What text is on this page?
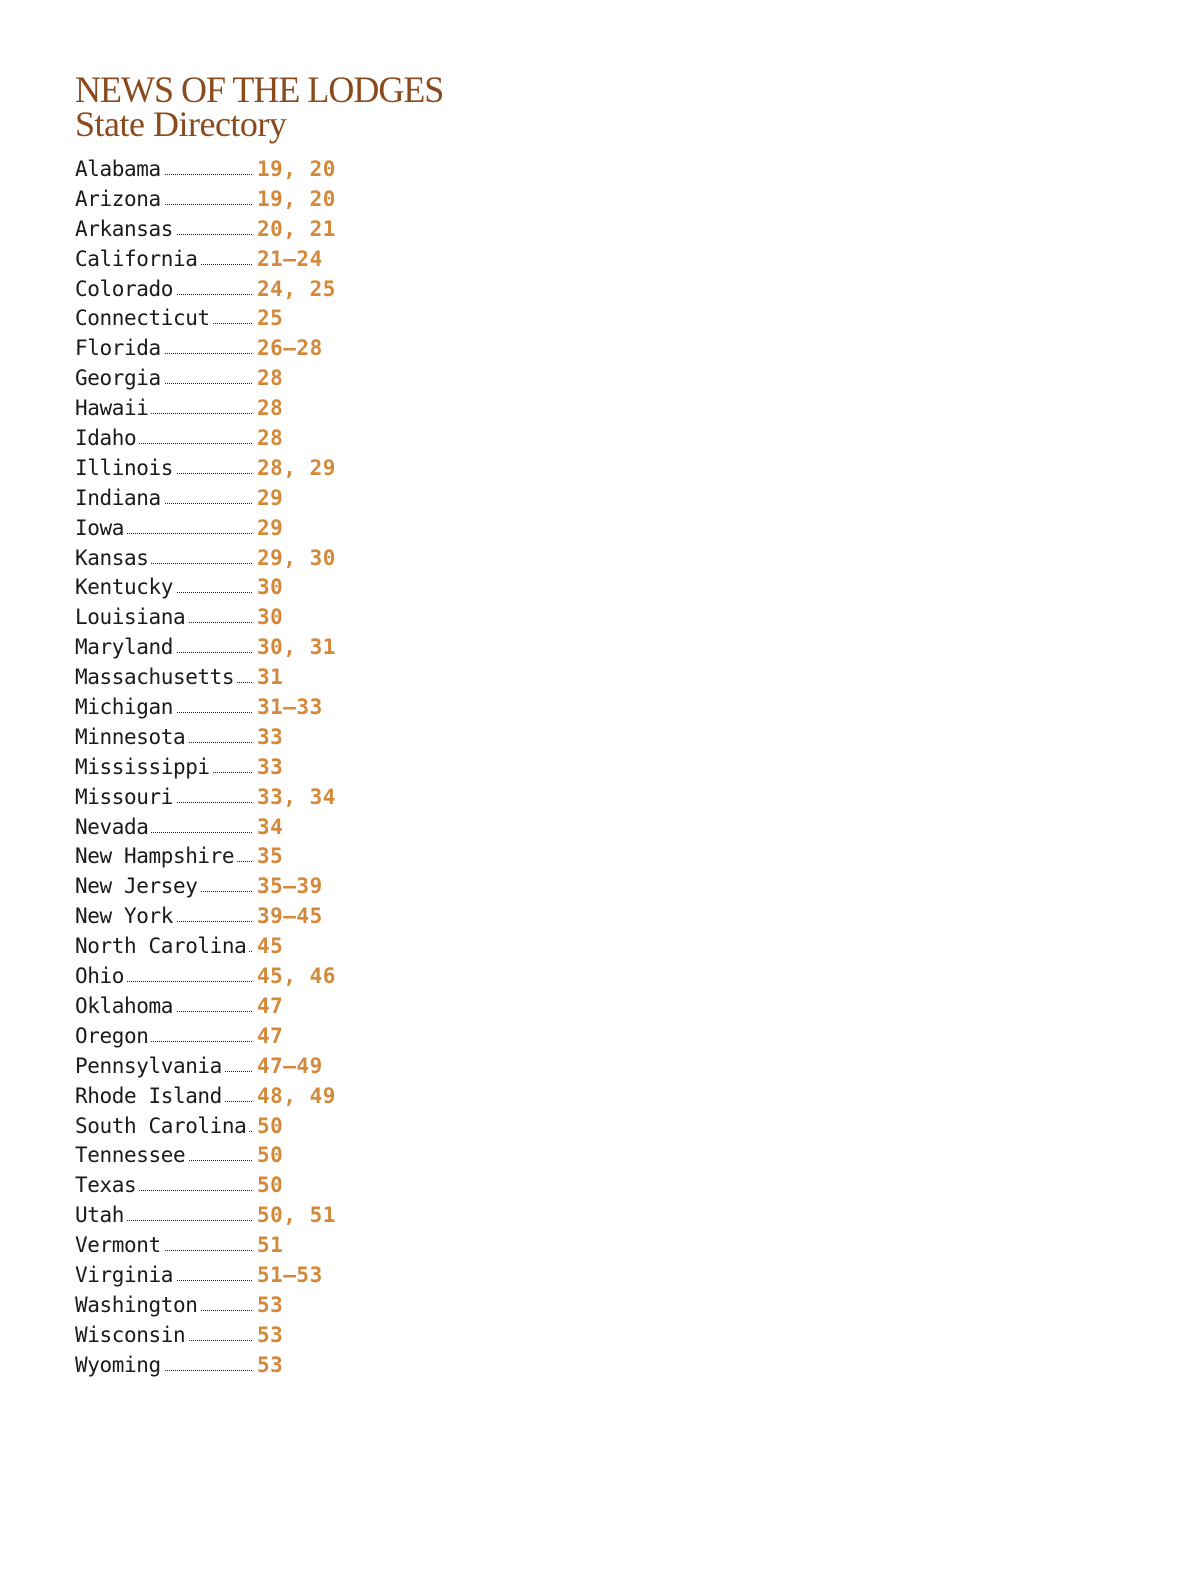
NEWS OF THE LODGES
State Directory
Alabama	19, 20
Arizona	19, 20
Arkansas	20, 21
California	21–24
Colorado	24, 25
Connecticut 25
Florida	26–28
Georgia	28
Hawaii	28
Idaho	28
Illinois	28, 29
Indiana	29
Iowa	29
Kansas	29, 30
Kentucky	30
Louisiana	30
Maryland	30, 31
Massachusetts 31
Michigan	31–33
Minnesota	33
Mississippi 33
Missouri	33, 34
Nevada	34
New Hampshire 35
New Jersey	35–39
New York	39–45
North Carolina 45
Ohio	45, 46
Oklahoma	47
Oregon	47
Pennsylvania 47–49
Rhode Island 48, 49
South Carolina 50
Tennessee	50
Texas	50
Utah	50, 51
Vermont	51
Virginia	51–53
Washington	53
Wisconsin	53
Wyoming	53
